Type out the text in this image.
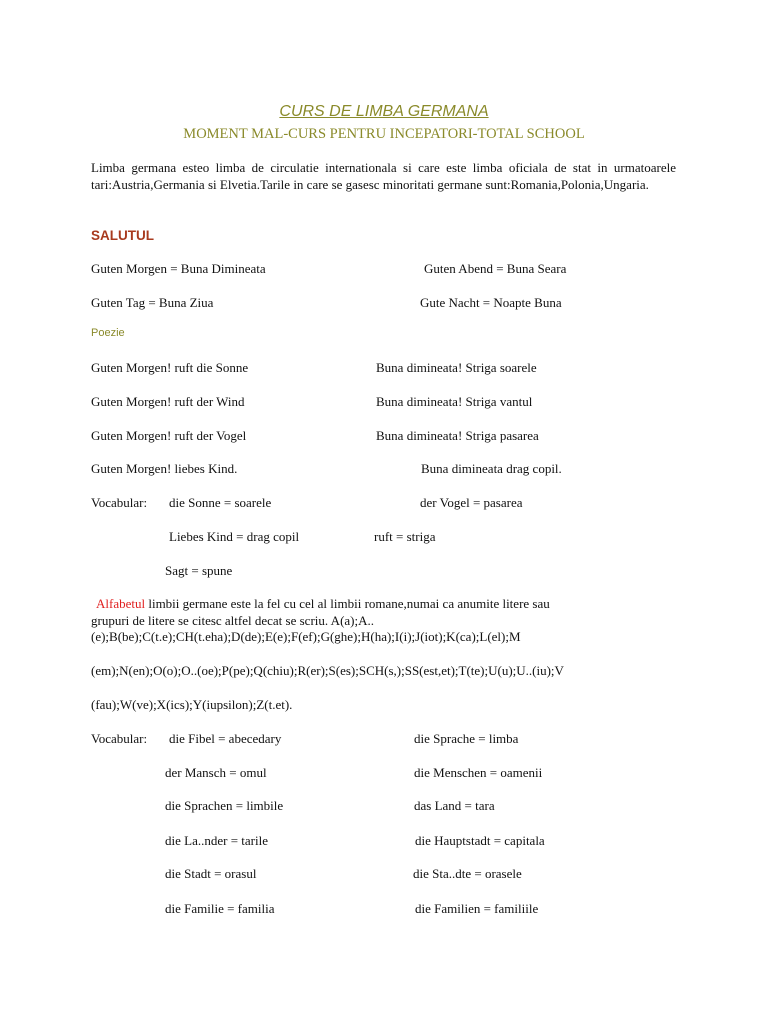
CURS DE LIMBA GERMANA
MOMENT MAL-CURS PENTRU INCEPATORI-TOTAL SCHOOL
Limba germana esteo limba de circulatie internationala si care este limba oficiala de stat in urmatoarele tari:Austria,Germania si Elvetia.Tarile in care se gasesc minoritati germane sunt:Romania,Polonia,Ungaria.
SALUTUL
Guten Morgen = Buna Dimineata	Guten Abend = Buna Seara
Guten Tag = Buna Ziua	Gute Nacht = Noapte Buna
Poezie
Guten Morgen! ruft die Sonne	Buna dimineata! Striga soarele
Guten Morgen! ruft der Wind	Buna dimineata! Striga vantul
Guten Morgen! ruft der Vogel	Buna dimineata! Striga pasarea
Guten Morgen! liebes Kind.	Buna dimineata drag copil.
Vocabular: die Sonne = soarele	der Vogel = pasarea
Liebes Kind = drag copil	ruft = striga
Sagt = spune
Alfabetul limbii germane este la fel cu cel al limbii romane,numai ca anumite litere sau
grupuri de litere se citesc altfel decat se scriu. A(a);A..
(e);B(be);C(t.e);CH(t.eha);D(de);E(e);F(ef);G(ghe);H(ha);I(i);J(iot);K(ca);L(el);M
(em);N(en);O(o);O..(oe);P(pe);Q(chiu);R(er);S(es);SCH(s,);SS(est,et);T(te);U(u);U..(iu);V
(fau);W(ve);X(ics);Y(iupsilon);Z(t.et).
Vocabular: die Fibel = abecedary	die Sprache = limba
der Mansch = omul	die Menschen = oamenii
die Sprachen = limbile	das Land = tara
die La..nder = tarile	die Hauptstadt = capitala
die Stadt = orasul	die Sta..dte = orasele
die Familie = familia	die Familien = familiile
